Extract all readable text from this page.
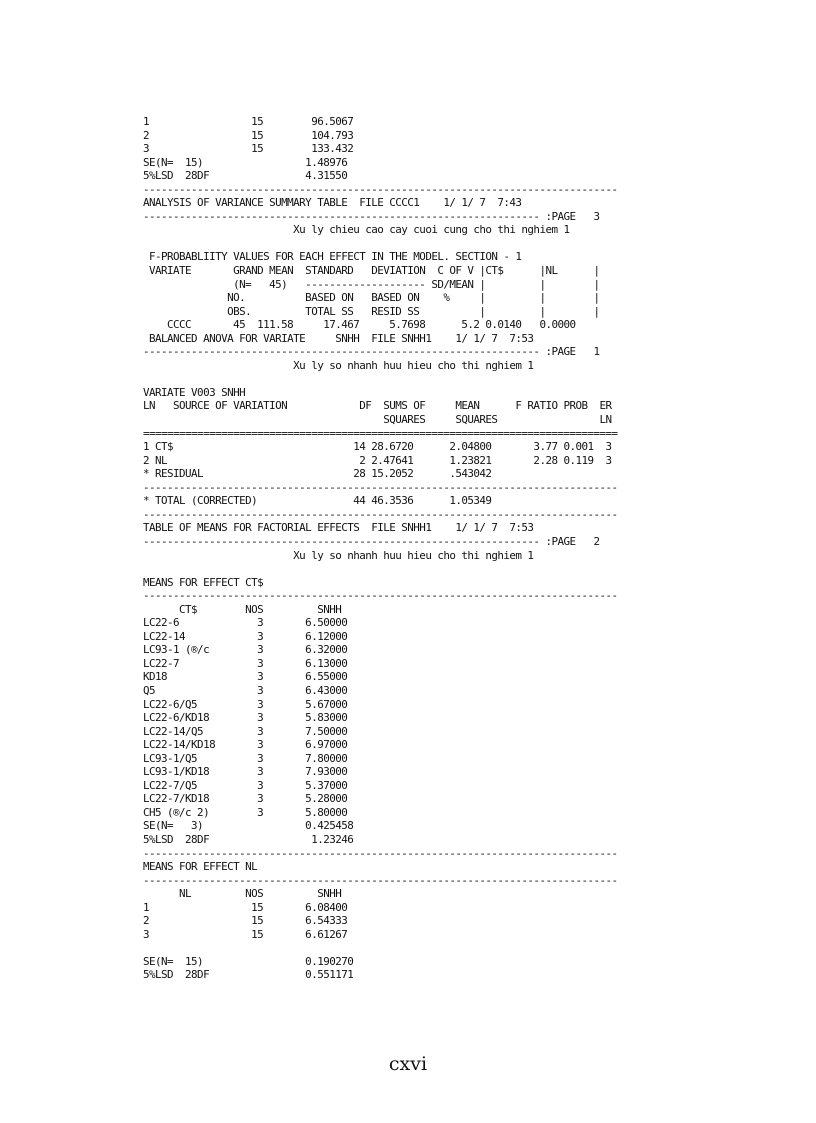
1                 15        96.5067
2                 15        104.793
3                 15        133.432
SE(N=  15)                 1.48976
5%LSD  28DF                4.31550
-------------------------------------------------------------------------------
ANALYSIS OF VARIANCE SUMMARY TABLE  FILE CCCC1    1/ 1/ 7  7:43
------------------------------------------------------------------ :PAGE   3
Xu ly chieu cao cay cuoi cung cho thi nghiem 1

F-PROBABLIITY VALUES FOR EACH EFFECT IN THE MODEL. SECTION - 1
VARIATE       GRAND MEAN  STANDARD   DEVIATION  C OF V |CT$      |NL      |
(N=   45)   -------------------- SD/MEAN |         |        |
NO.          BASED ON   BASED ON    %     |         |        |
OBS.         TOTAL SS   RESID SS          |         |        |
CCCC       45  111.58     17.467     5.7698      5.2 0.0140   0.0000
BALANCED ANOVA FOR VARIATE     SNHH  FILE SNHH1    1/ 1/ 7  7:53
------------------------------------------------------------------ :PAGE   1
Xu ly so nhanh huu hieu cho thi nghiem 1

VARIATE V003 SNHH
LN   SOURCE OF VARIATION            DF  SUMS OF     MEAN      F RATIO PROB  ER
SQUARES     SQUARES                 LN
===============================================================================
1 CT$                              14 28.6720      2.04800       3.77 0.001  3
2 NL                                2 2.47641      1.23821       2.28 0.119  3
* RESIDUAL                         28 15.2052      .543042
-------------------------------------------------------------------------------
* TOTAL (CORRECTED)                44 46.3536      1.05349
-------------------------------------------------------------------------------
TABLE OF MEANS FOR FACTORIAL EFFECTS  FILE SNHH1    1/ 1/ 7  7:53
------------------------------------------------------------------ :PAGE   2
Xu ly so nhanh huu hieu cho thi nghiem 1

MEANS FOR EFFECT CT$
-------------------------------------------------------------------------------
CT$        NOS         SNHH
LC22-6             3       6.50000
LC22-14            3       6.12000
LC93-1 (®/c        3       6.32000
LC22-7             3       6.13000
KD18               3       6.55000
Q5                 3       6.43000
LC22-6/Q5          3       5.67000
LC22-6/KD18        3       5.83000
LC22-14/Q5         3       7.50000
LC22-14/KD18       3       6.97000
LC93-1/Q5          3       7.80000
LC93-1/KD18        3       7.93000
LC22-7/Q5          3       5.37000
LC22-7/KD18        3       5.28000
CH5 (®/c 2)        3       5.80000
SE(N=   3)                 0.425458
5%LSD  28DF                 1.23246
-------------------------------------------------------------------------------
MEANS FOR EFFECT NL
-------------------------------------------------------------------------------
NL         NOS         SNHH
1                 15       6.08400
2                 15       6.54333
3                 15       6.61267

SE(N=  15)                 0.190270
5%LSD  28DF                0.551171
cxvi
